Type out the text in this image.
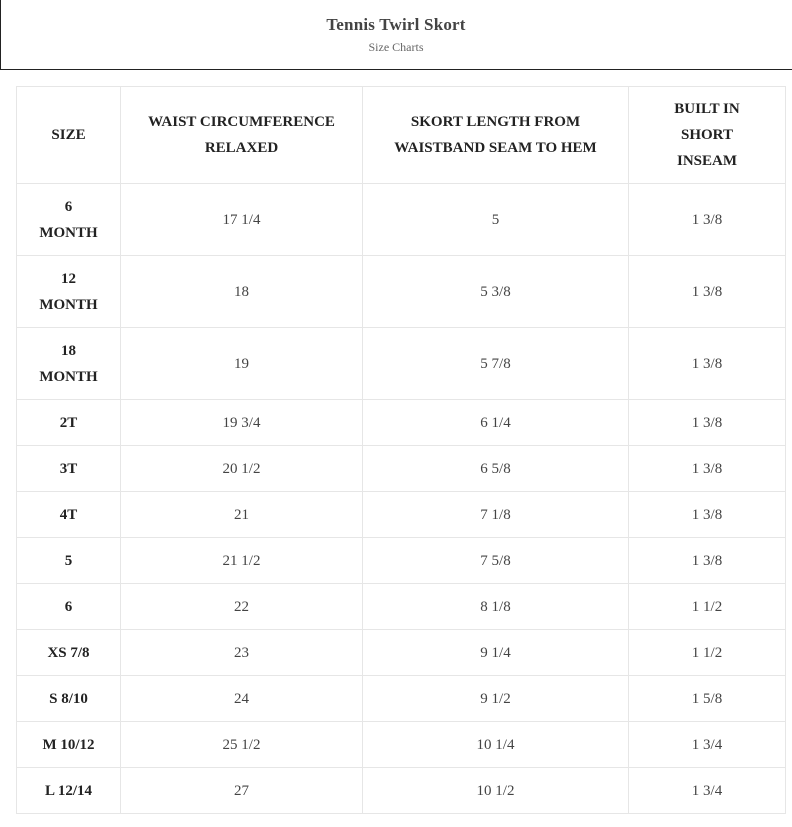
Tennis Twirl Skort
Size Charts
SIZE	WAIST CIRCUMFERENCE RELAXED	SKORT LENGTH FROM WAISTBAND SEAM TO HEM	BUILT IN SHORT INSEAM
6 MONTH	17 1/4	5	1 3/8
12 MONTH	18	5 3/8	1 3/8
18 MONTH	19	5 7/8	1 3/8
2T	19 3/4	6 1/4	1 3/8
3T	20 1/2	6 5/8	1 3/8
4T	21	7 1/8	1 3/8
5	21 1/2	7 5/8	1 3/8
6	22	8 1/8	1 1/2
XS 7/8	23	9 1/4	1 1/2
S 8/10	24	9 1/2	1 5/8
M 10/12	25 1/2	10 1/4	1 3/4
L 12/14	27	10 1/2	1 3/4
